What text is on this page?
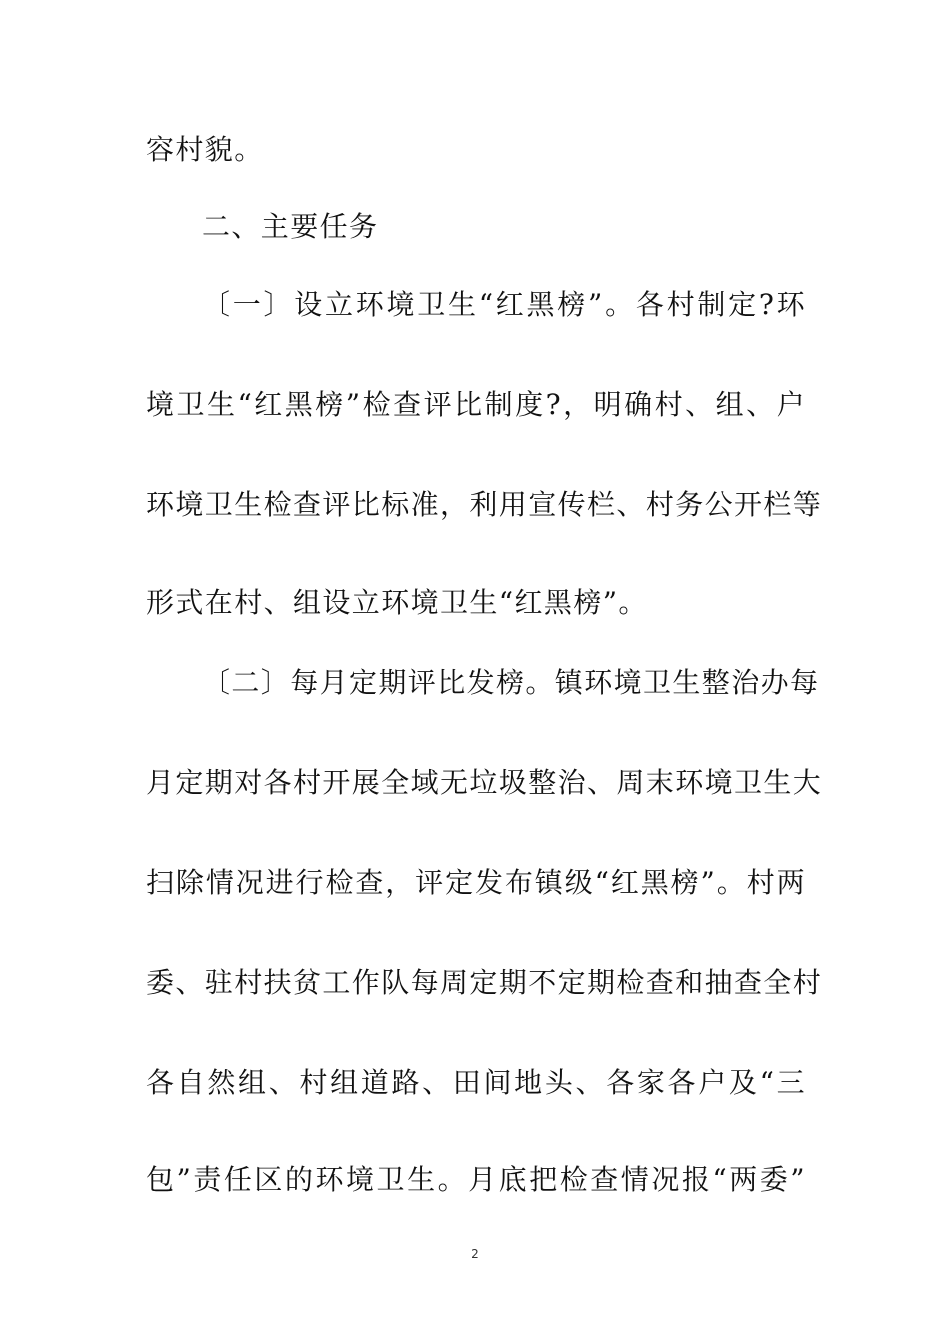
容村貌。
二、主要任务
〔一〕设立环境卫生“红黑榜”。各村制定?环
境卫生“红黑榜”检查评比制度?，明确村、组、户
环境卫生检查评比标准，利用宣传栏、村务公开栏等
形式在村、组设立环境卫生“红黑榜”。
〔二〕每月定期评比发榜。镇环境卫生整治办每
月定期对各村开展全域无垃圾整治、周末环境卫生大
扫除情况进行检查，评定发布镇级“红黑榜”。村两
委、驻村扶贫工作队每周定期不定期检查和抽查全村
各自然组、村组道路、田间地头、各家各户及“三
包”责任区的环境卫生。月底把检查情况报“两委”
2
